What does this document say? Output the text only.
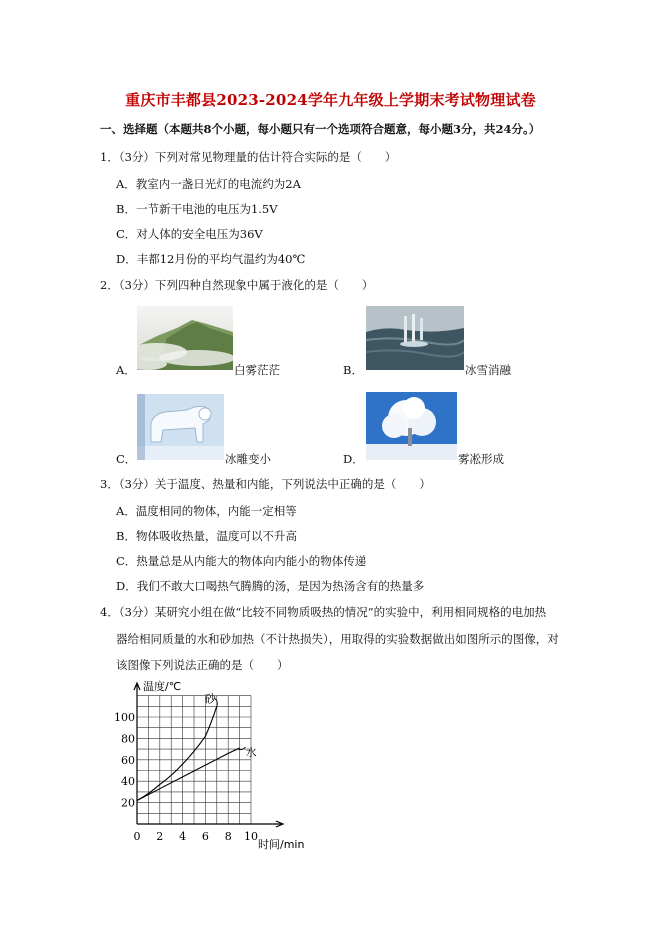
重庆市丰都县2023-2024学年九年级上学期末考试物理试卷
一、选择题（本题共8个小题，每小题只有一个选项符合题意，每小题3分，共24分。）
1．（3分）下列对常见物理量的估计符合实际的是（　　）
A．教室内一盏日光灯的电流约为2A
B．一节新干电池的电压为1.5V
C．对人体的安全电压为36V
D．丰都12月份的平均气温约为40℃
2．（3分）下列四种自然现象中属于液化的是（　　）
A．	白雾茫茫	B．	冰雪消融
C．	冰雕变小	D．	雾凇形成
3．（3分）关于温度、热量和内能，下列说法中正确的是（　　）
A．温度相同的物体，内能一定相等
B．物体吸收热量，温度可以不升高
C．热量总是从内能大的物体向内能小的物体传递
D．我们不敢大口喝热气腾腾的汤，是因为热汤含有的热量多
4．（3分）某研究小组在做“比较不同物质吸热的情况”的实验中，利用相同规格的电加热
器给相同质量的水和砂加热（不计热损失），用取得的实验数据做出如图所示的图像，对
该图像下列说法正确的是（　　）
温度/℃
时间/min
0 2 4 6 8 10
20
40
60
80
100
砂
水
